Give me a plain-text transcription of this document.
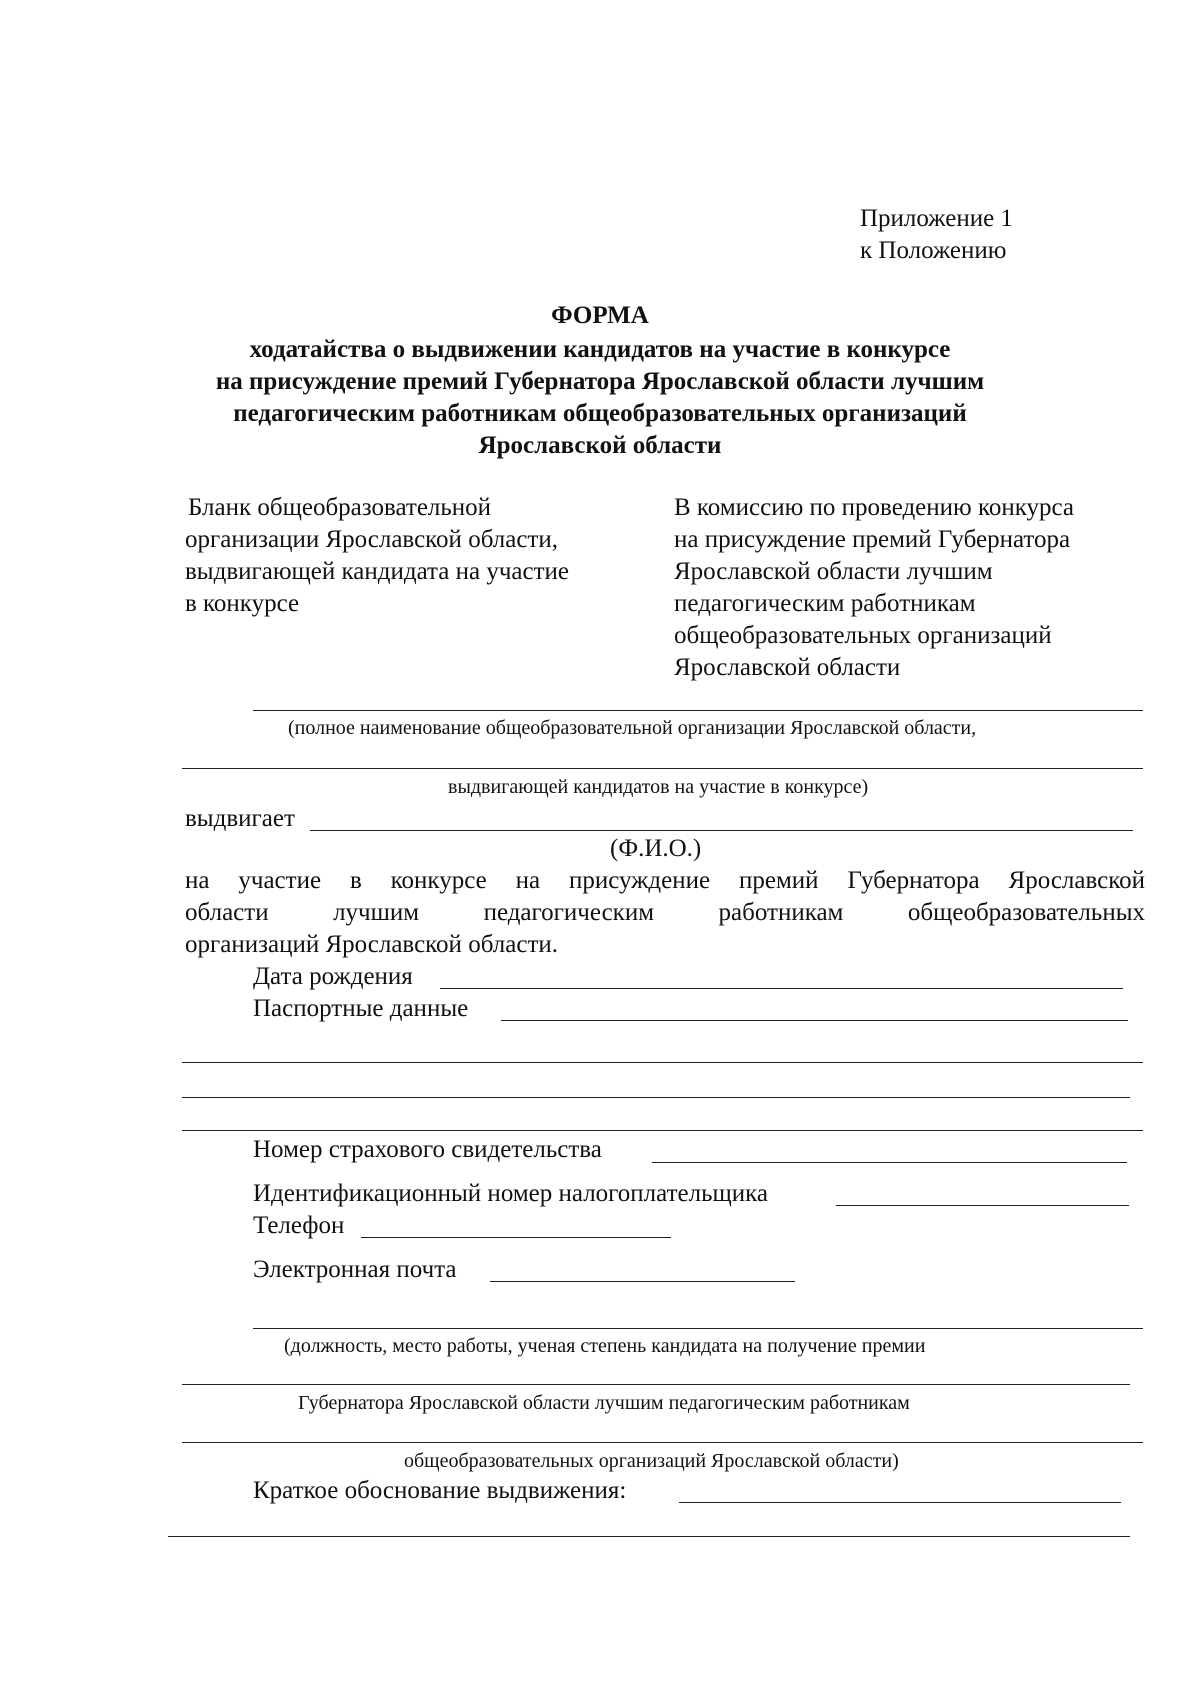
Приложение 1
к Положению
ФОРМА
ходатайства о выдвижении кандидатов на участие в конкурсе
на присуждение премий Губернатора Ярославской области лучшим
педагогическим работникам общеобразовательных организаций
Ярославской области
Бланк общеобразовательной
организации Ярославской области,
выдвигающей кандидата на участие
в конкурсе
В комиссию по проведению конкурса
на присуждение премий Губернатора
Ярославской области лучшим
педагогическим работникам
общеобразовательных организаций
Ярославской области
(полное наименование общеобразовательной организации Ярославской области,
выдвигающей кандидатов на участие в конкурсе)
выдвигает
(Ф.И.О.)
на участие в конкурсе на присуждение премий Губернатора Ярославской
области лучшим педагогическим работникам общеобразовательных
организаций Ярославской области.
Дата рождения
Паспортные данные
Номер страхового свидетельства
Идентификационный номер налогоплательщика
Телефон
Электронная почта
(должность, место работы, ученая степень кандидата на получение премии
Губернатора Ярославской области лучшим педагогическим работникам
общеобразовательных организаций Ярославской области)
Краткое обоснование выдвижения:
